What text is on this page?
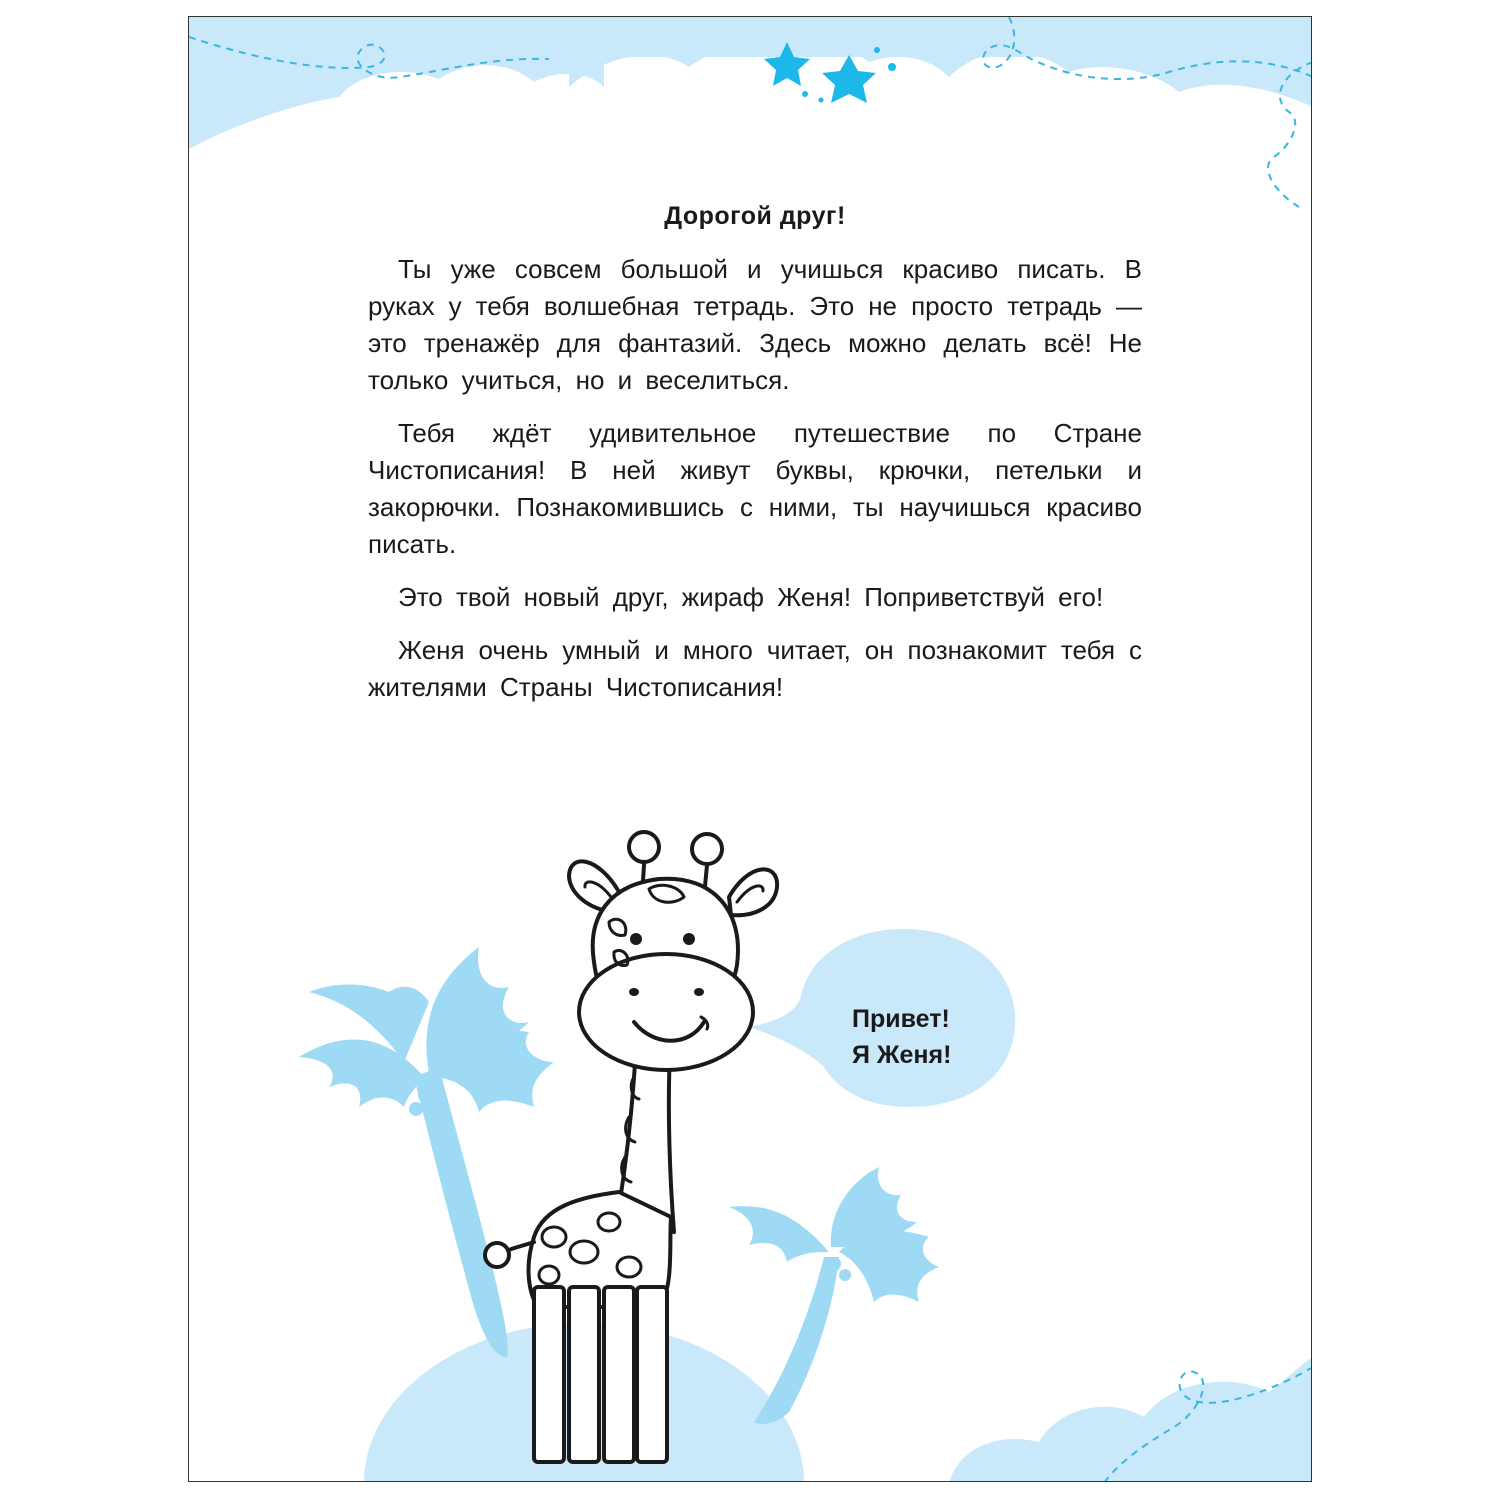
Дорогой друг!

Ты уже совсем большой и учишься красиво писать. В руках у тебя волшебная тетрадь. Это не просто тетрадь — это тренажёр для фантазий. Здесь можно делать всё! Не только учиться, но и веселиться.

Тебя ждёт удивительное путешествие по Стране Чистописания! В ней живут буквы, крючки, петельки и закорючки. Познакомившись с ними, ты научишься красиво писать.

Это твой новый друг, жираф Женя! Поприветствуй его!

Женя очень умный и много читает, он познакомит тебя с жителями Страны Чистописания!

Привет!
Я Женя!
